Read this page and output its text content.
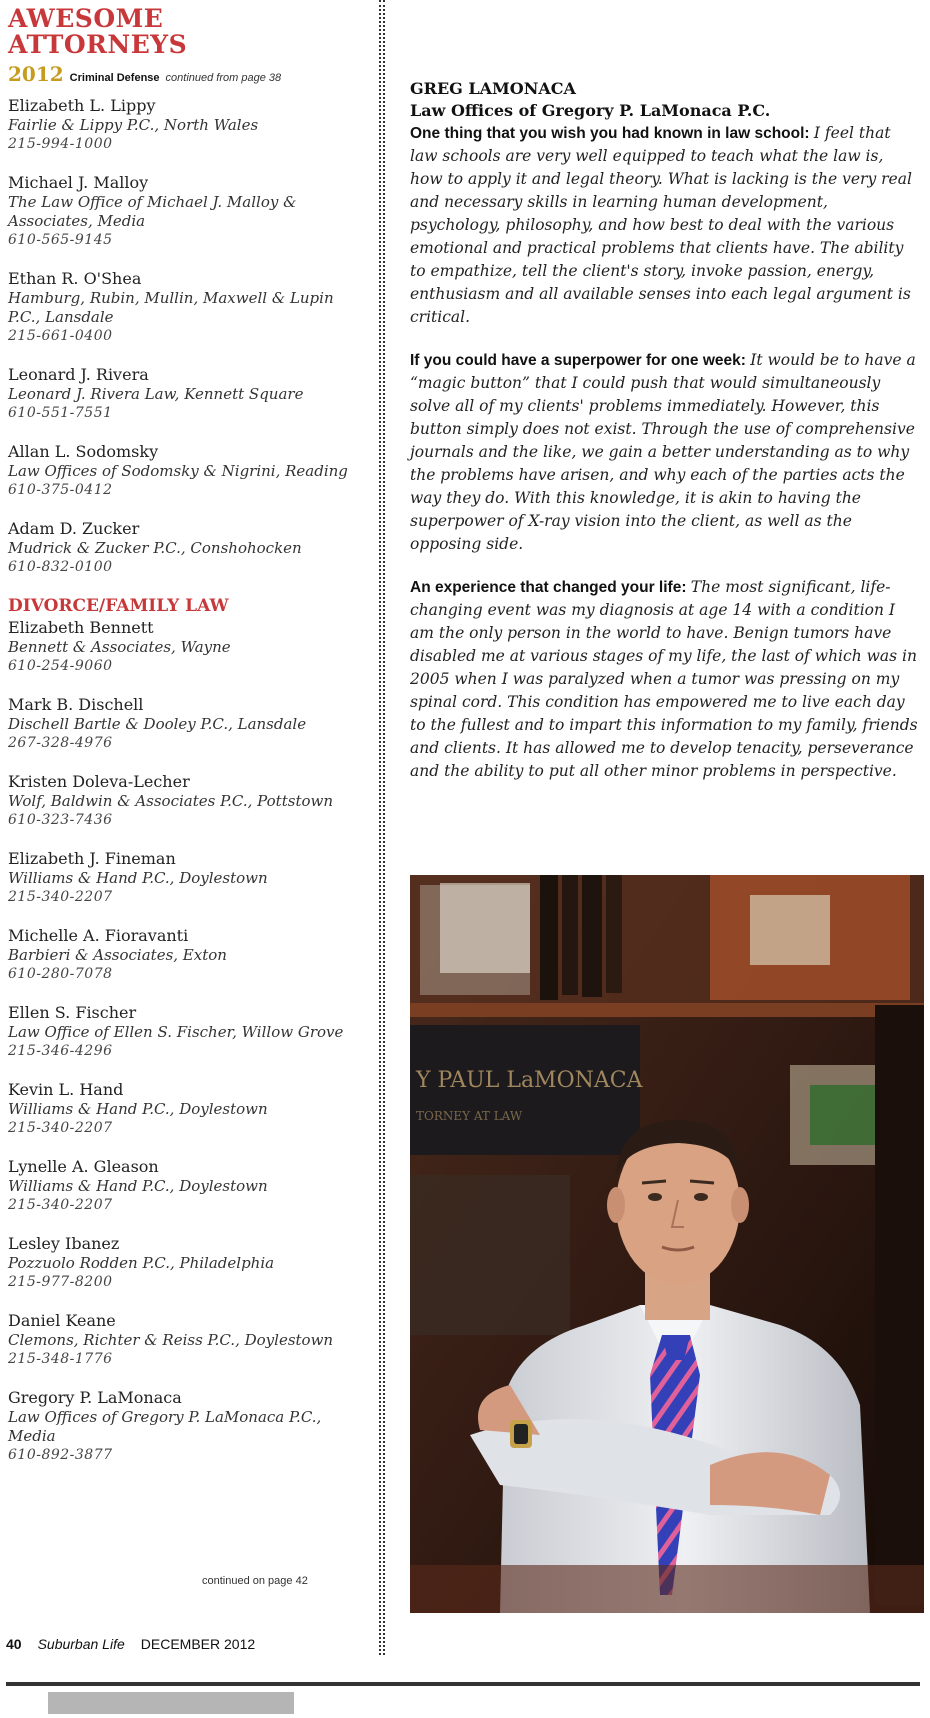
AWESOME
ATTORNEYS
2012 Criminal Defense continued from page 38
Elizabeth L. Lippy
Fairlie & Lippy P.C., North Wales
215-994-1000
Michael J. Malloy
The Law Office of Michael J. Malloy & Associates, Media
610-565-9145
Ethan R. O'Shea
Hamburg, Rubin, Mullin, Maxwell & Lupin P.C., Lansdale
215-661-0400
Leonard J. Rivera
Leonard J. Rivera Law, Kennett Square
610-551-7551
Allan L. Sodomsky
Law Offices of Sodomsky & Nigrini, Reading
610-375-0412
Adam D. Zucker
Mudrick & Zucker P.C., Conshohocken
610-832-0100
DIVORCE/FAMILY LAW
Elizabeth Bennett
Bennett & Associates, Wayne
610-254-9060
Mark B. Dischell
Dischell Bartle & Dooley P.C., Lansdale
267-328-4976
Kristen Doleva-Lecher
Wolf, Baldwin & Associates P.C., Pottstown
610-323-7436
Elizabeth J. Fineman
Williams & Hand P.C., Doylestown
215-340-2207
Michelle A. Fioravanti
Barbieri & Associates, Exton
610-280-7078
Ellen S. Fischer
Law Office of Ellen S. Fischer, Willow Grove
215-346-4296
Kevin L. Hand
Williams & Hand P.C., Doylestown
215-340-2207
Lynelle A. Gleason
Williams & Hand P.C., Doylestown
215-340-2207
Lesley Ibanez
Pozzuolo Rodden P.C., Philadelphia
215-977-8200
Daniel Keane
Clemons, Richter & Reiss P.C., Doylestown
215-348-1776
Gregory P. LaMonaca
Law Offices of Gregory P. LaMonaca P.C., Media
610-892-3877
continued on page 42
GREG LAMONACA
Law Offices of Gregory P. LaMonaca P.C.
One thing that you wish you had known in law school: I feel that law schools are very well equipped to teach what the law is, how to apply it and legal theory. What is lacking is the very real and necessary skills in learning human development, psychology, philosophy, and how best to deal with the various emotional and practical problems that clients have. The ability to empathize, tell the client's story, invoke passion, energy, enthusiasm and all available senses into each legal argument is critical.
If you could have a superpower for one week: It would be to have a “magic button” that I could push that would simultaneously solve all of my clients' problems immediately. However, this button simply does not exist. Through the use of comprehensive journals and the like, we gain a better understanding as to why the problems have arisen, and why each of the parties acts the way they do. With this knowledge, it is akin to having the superpower of X-ray vision into the client, as well as the opposing side.
An experience that changed your life: The most significant, life-changing event was my diagnosis at age 14 with a condition I am the only person in the world to have. Benign tumors have disabled me at various stages of my life, the last of which was in 2005 when I was paralyzed when a tumor was pressing on my spinal cord. This condition has empowered me to live each day to the fullest and to impart this information to my family, friends and clients. It has allowed me to develop tenacity, perseverance and the ability to put all other minor problems in perspective.
Y PAUL LaMONACA
TORNEY AT LAW
40 Suburban Life DECEMBER 2012
